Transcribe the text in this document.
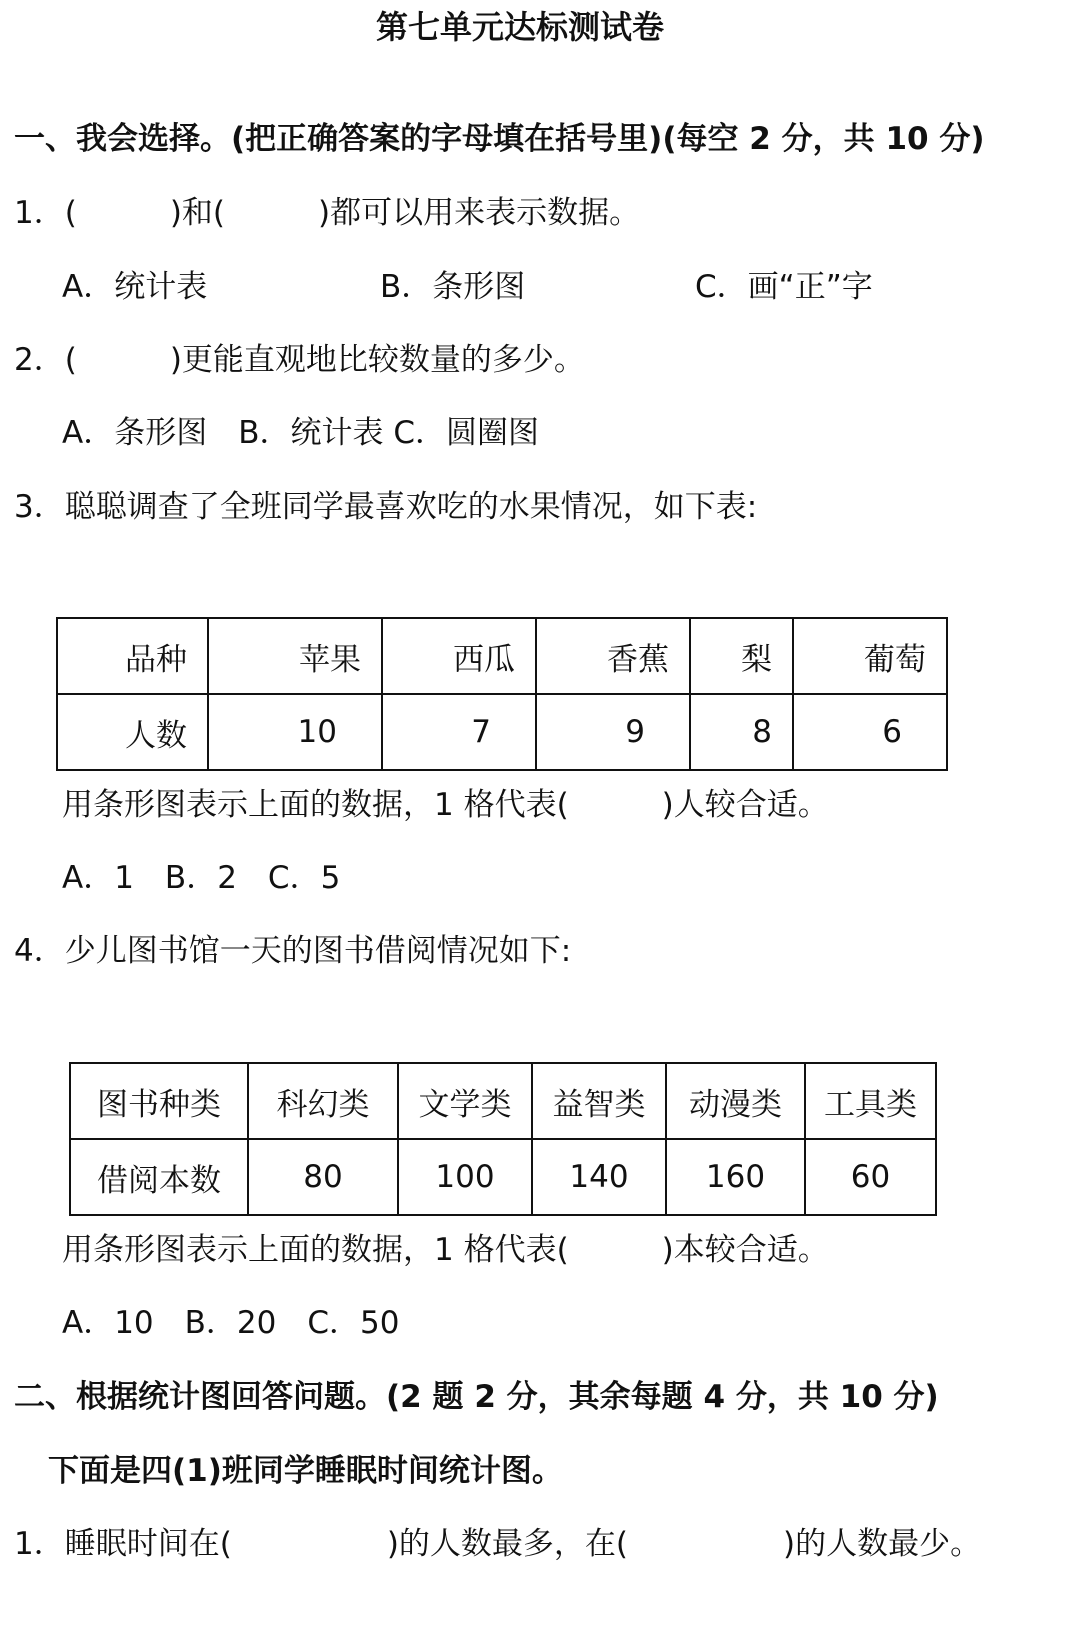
第七单元达标测试卷
一、我会选择。(把正确答案的字母填在括号里)(每空 2 分，共 10 分)
1．(　　　)和(　　　)都可以用来表示数据。
A．统计表	B．条形图	C．画“正”字
2．(　　　)更能直观地比较数量的多少。
A．条形图　B．统计表 C．圆圈图
3．聪聪调查了全班同学最喜欢吃的水果情况，如下表:
品种	苹果	西瓜	香蕉	梨	葡萄
人数	10	7	9	8	6
用条形图表示上面的数据，1 格代表(　　　)人较合适。
A．1　B．2　C．5
4．少儿图书馆一天的图书借阅情况如下:
图书种类	科幻类	文学类	益智类	动漫类	工具类
借阅本数	80	100	140	160	60
用条形图表示上面的数据，1 格代表(　　　)本较合适。
A．10　B．20　C．50
二、根据统计图回答问题。(2 题 2 分，其余每题 4 分，共 10 分)
下面是四(1)班同学睡眠时间统计图。
1．睡眠时间在(　　　　　)的人数最多，在(　　　　　)的人数最少。
